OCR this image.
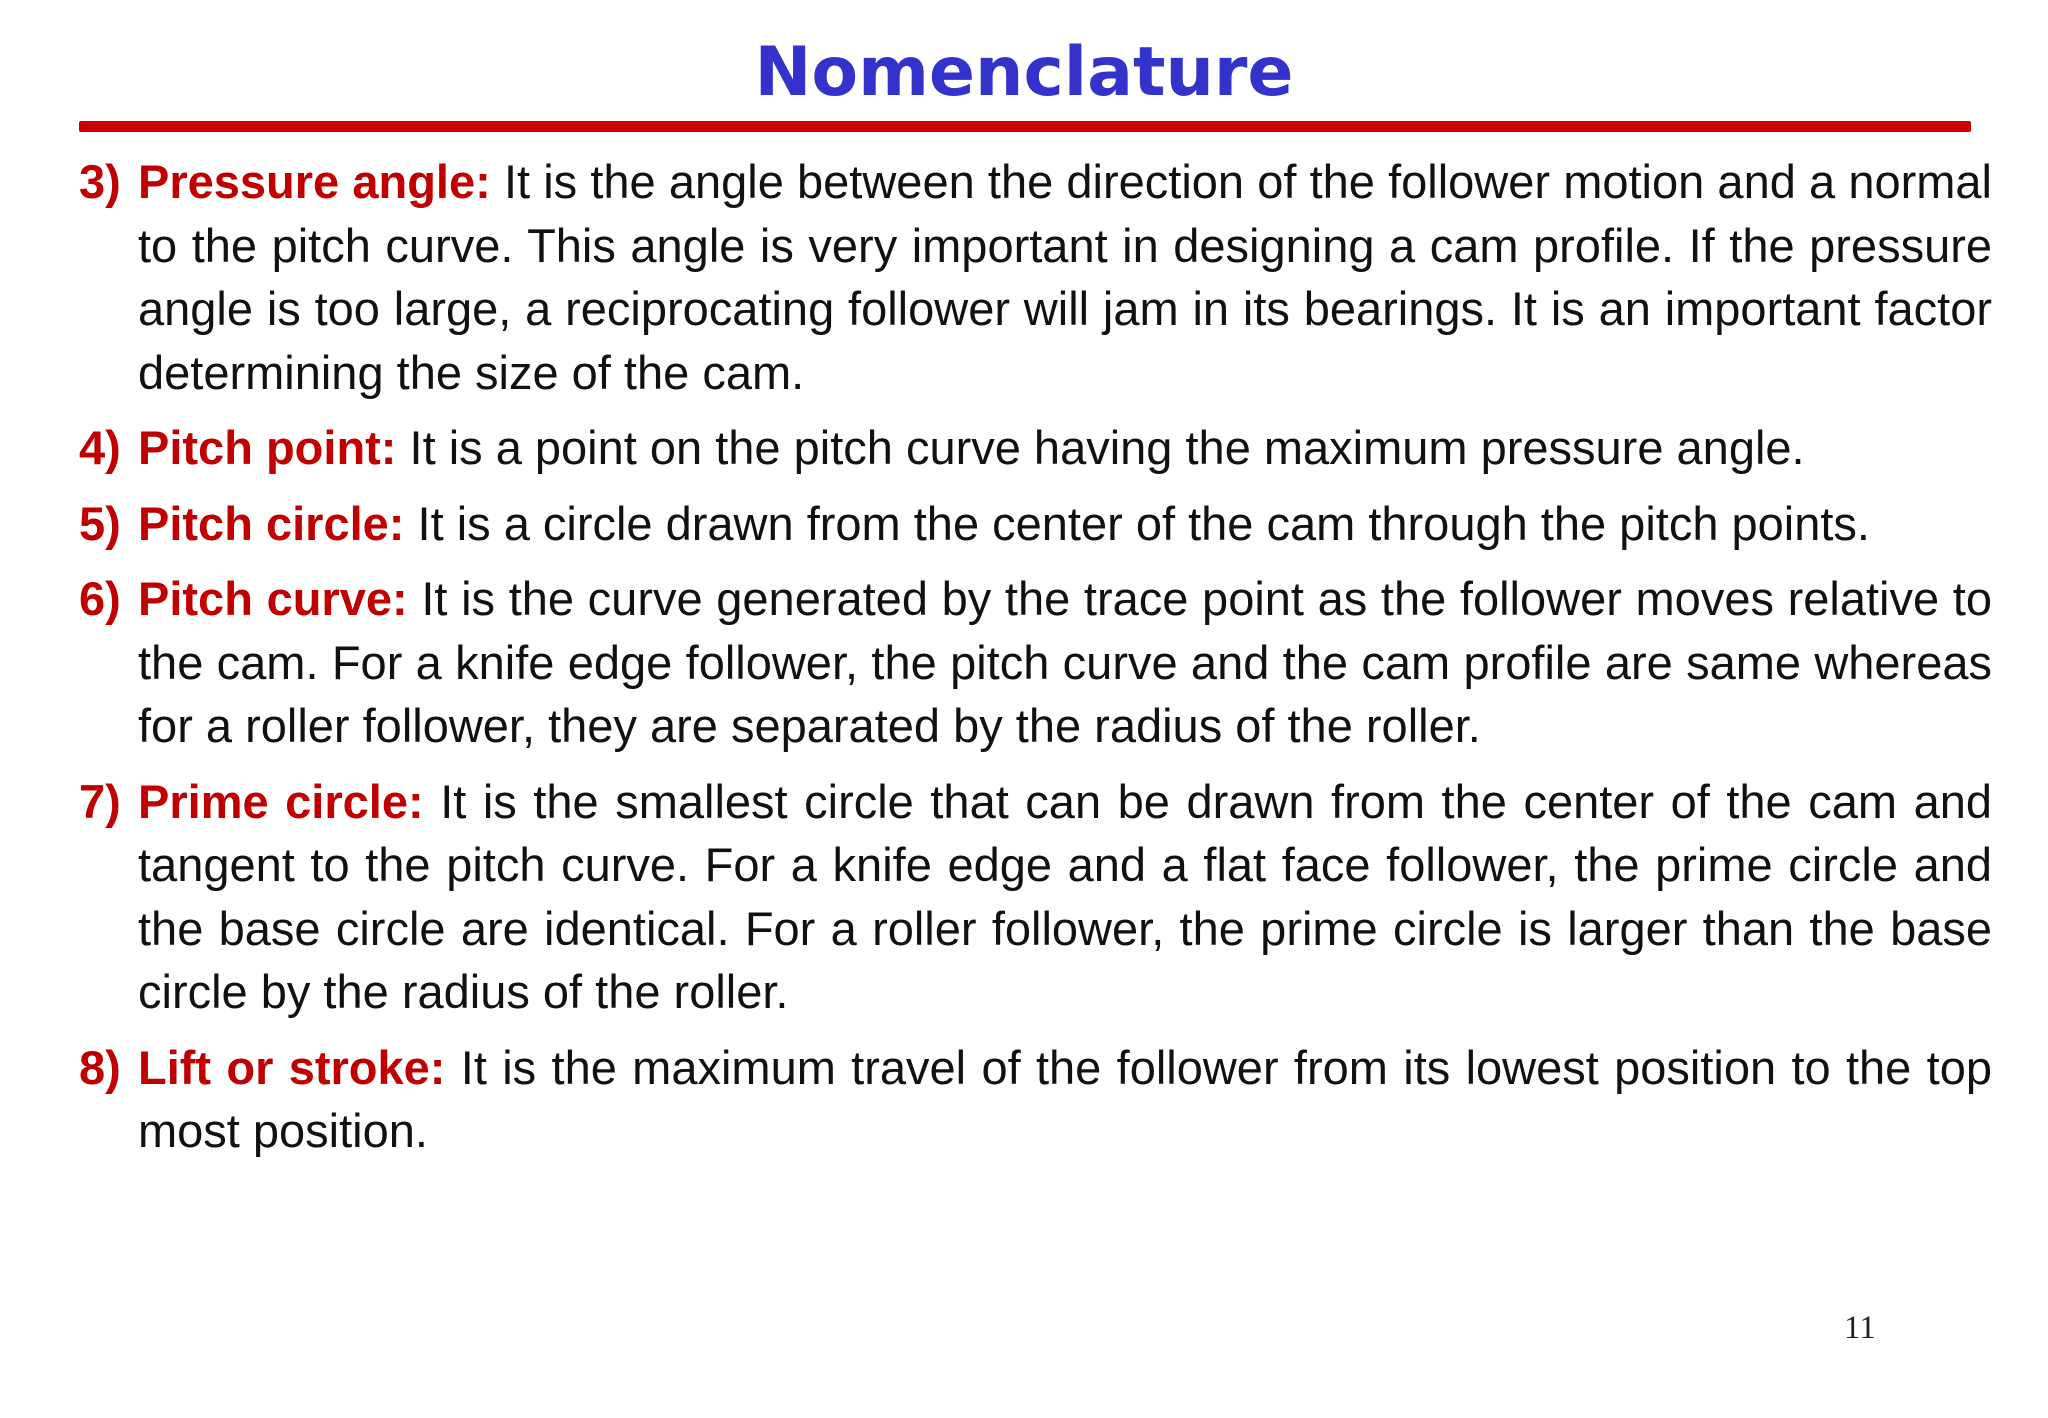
Nomenclature
3) Pressure angle: It is the angle between the direction of the follower motion and a normal to the pitch curve. This angle is very important in designing a cam profile. If the pressure angle is too large, a reciprocating follower will jam in its bearings. It is an important factor determining the size of the cam.
4) Pitch point: It is a point on the pitch curve having the maximum pressure angle.
5) Pitch circle: It is a circle drawn from the center of the cam through the pitch points.
6) Pitch curve: It is the curve generated by the trace point as the follower moves relative to the cam. For a knife edge follower, the pitch curve and the cam profile are same whereas for a roller follower, they are separated by the radius of the roller.
7) Prime circle: It is the smallest circle that can be drawn from the center of the cam and tangent to the pitch curve. For a knife edge and a flat face follower, the prime circle and the base circle are identical. For a roller follower, the prime circle is larger than the base circle by the radius of the roller.
8) Lift or stroke: It is the maximum travel of the follower from its lowest position to the top most position.
11
